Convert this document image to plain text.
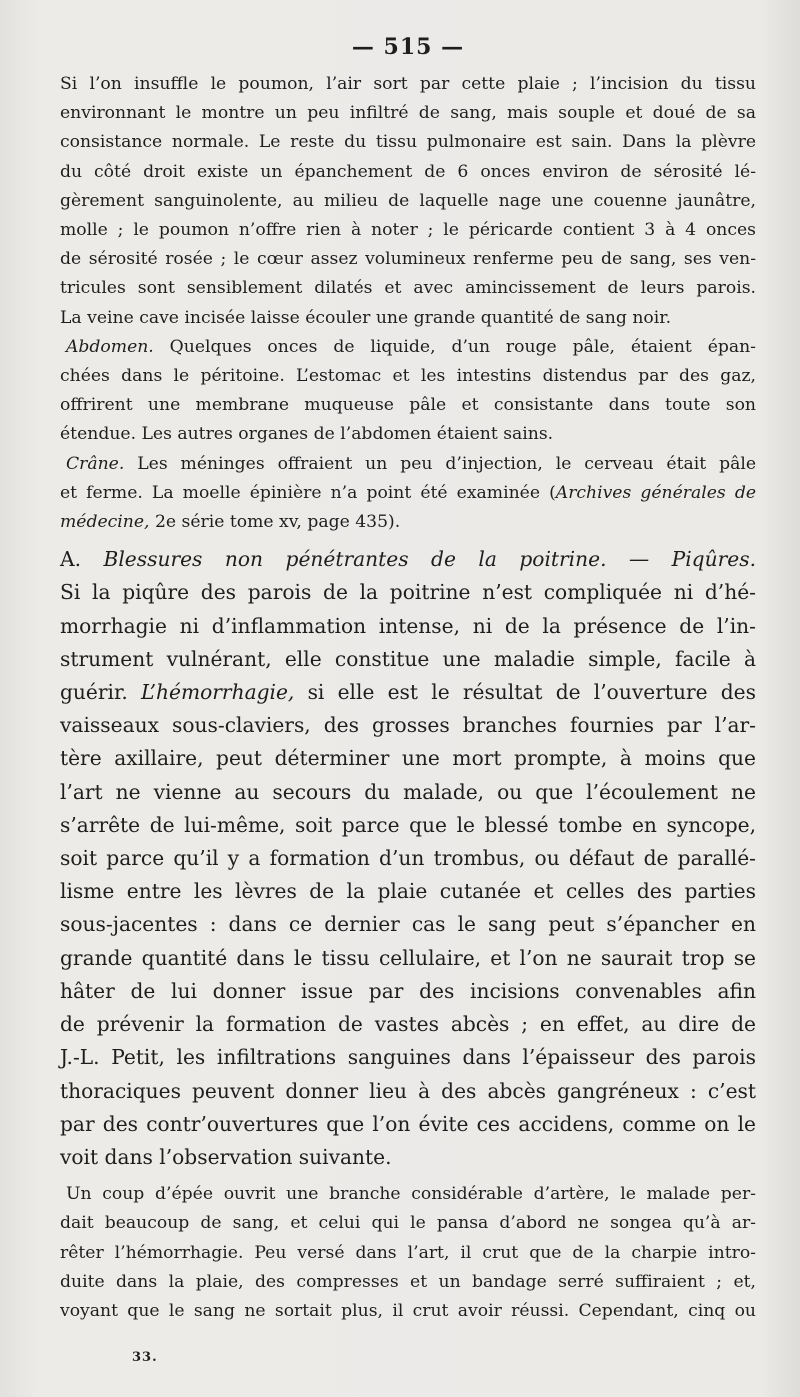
— 515 —

Si l’on insuffle le poumon, l’air sort par cette plaie ; l’incision du tissu
environnant le montre un peu infiltré de sang, mais souple et doué de sa
consistance normale. Le reste du tissu pulmonaire est sain. Dans la plèvre
du côté droit existe un épanchement de 6 onces environ de sérosité lé-
gèrement sanguinolente, au milieu de laquelle nage une couenne jaunâtre,
molle ; le poumon n’offre rien à noter ; le péricarde contient 3 à 4 onces
de sérosité rosée ; le cœur assez volumineux renferme peu de sang, ses ven-
tricules sont sensiblement dilatés et avec amincissement de leurs parois.
La veine cave incisée laisse écouler une grande quantité de sang noir.

Abdomen. Quelques onces de liquide, d’un rouge pâle, étaient épan-
chées dans le péritoine. L’estomac et les intestins distendus par des gaz,
offrirent une membrane muqueuse pâle et consistante dans toute son
étendue. Les autres organes de l’abdomen étaient sains.

Crâne. Les méninges offraient un peu d’injection, le cerveau était pâle
et ferme. La moelle épinière n’a point été examinée (Archives générales de
médecine, 2e série tome xv, page 435).

A. Blessures non pénétrantes de la poitrine. — Piqûres.
Si la piqûre des parois de la poitrine n’est compliquée ni d’hé-
morrhagie ni d’inflammation intense, ni de la présence de l’in-
strument vulnérant, elle constitue une maladie simple, facile à
guérir. L’hémorrhagie, si elle est le résultat de l’ouverture des
vaisseaux sous-claviers, des grosses branches fournies par l’ar-
tère axillaire, peut déterminer une mort prompte, à moins que
l’art ne vienne au secours du malade, ou que l’écoulement ne
s’arrête de lui-même, soit parce que le blessé tombe en syncope,
soit parce qu’il y a formation d’un trombus, ou défaut de parallé-
lisme entre les lèvres de la plaie cutanée et celles des parties
sous-jacentes : dans ce dernier cas le sang peut s’épancher en
grande quantité dans le tissu cellulaire, et l’on ne saurait trop se
hâter de lui donner issue par des incisions convenables afin
de prévenir la formation de vastes abcès ; en effet, au dire de
J.-L. Petit, les infiltrations sanguines dans l’épaisseur des parois
thoraciques peuvent donner lieu à des abcès gangréneux : c’est
par des contr’ouvertures que l’on évite ces accidens, comme on le
voit dans l’observation suivante.

Un coup d’épée ouvrit une branche considérable d’artère, le malade per-
dait beaucoup de sang, et celui qui le pansa d’abord ne songea qu’à ar-
rêter l’hémorrhagie. Peu versé dans l’art, il crut que de la charpie intro-
duite dans la plaie, des compresses et un bandage serré suffiraient ; et,
voyant que le sang ne sortait plus, il crut avoir réussi. Cependant, cinq ou

33.
